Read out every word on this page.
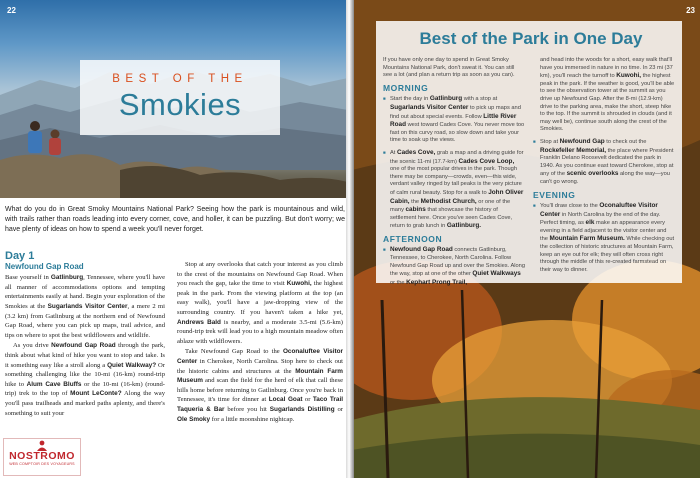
22
BEST OF THE
Smokies
What do you do in Great Smoky Mountains National Park? Seeing how the park is mountainous and wild, with trails rather than roads leading into every corner, cove, and holler, it can be puzzling. But don't worry; we have plenty of ideas on how to spend a week you'll never forget.
Day 1
Newfound Gap Road

Base yourself in Gatlinburg, Tennessee, where you'll have all manner of accommodations options and tempting entertainments easily at hand. Begin your exploration of the Smokies at the Sugarlands Visitor Center, a mere 2 mi (3.2 km) from Gatlinburg at the northern end of Newfound Gap Road, where you can pick up maps, trail advice, and tips on where to spot the best wildflowers and wildlife.

As you drive Newfound Gap Road through the park, think about what kind of hike you want to stop and take. Is it something easy like a stroll along a Quiet Walkway? Or something challenging like the 10-mi (16-km) round-trip hike to Alum Cave Bluffs or the 10-mi (16-km) (round-trip) trek to the top of Mount LeConte? Along the way you'll pass trailheads and marked paths aplenty, and there's something to suit your

Stop at any overlooks that catch your interest as you climb to the crest of the mountains on Newfound Gap Road. When you reach the gap, take the time to visit Kuwohi, the highest peak in the park. From the viewing platform at the top (an easy walk), you'll have a jaw-dropping view of the surrounding country. If you haven't taken a hike yet, Andrews Bald is nearby, and a moderate 3.5-mi (5.6-km) round-trip trek will lead you to a high mountain meadow often ablaze with wildflowers.

Take Newfound Gap Road to the Oconaluftee Visitor Center in Cherokee, North Carolina. Stop here to check out the historic cabins and structures at the Mountain Farm Museum and scan the field for the herd of elk that call these hills home before returning to Gatlinburg. Once you're back in Tennessee, it's time for dinner at Local Goat or Taco Trail Taqueria & Bar before you hit Sugarlands Distilling or Ole Smoky for a little moonshine nightcap.

NOSTROMO
WEB COMPTOIR DES VOYAGEURS
23
Best of the Park in One Day
If you have only one day to spend in Great Smoky Mountains National Park, don't sweat it. You can still see a lot (and plan a return trip as soon as you can).
MORNING
■ Start the day in Gatlinburg with a stop at Sugarlands Visitor Center to pick up maps and find out about special events. Follow Little River Road west toward Cades Cove. You never move too fast on this curvy road, so slow down and take your time to soak up the views.
■ At Cades Cove, grab a map and a driving guide for the scenic 11-mi (17.7-km) Cades Cove Loop, one of the most popular drives in the park. Though there may be company—crowds, even—this wide, verdant valley ringed by tall peaks is the very picture of calm rural beauty. Stop for a walk to John Oliver Cabin, the Methodist Church, or one of the many cabins that showcase the history of settlement here. Once you've seen Cades Cove, return to grab lunch in Gatlinburg.
AFTERNOON
■ Newfound Gap Road connects Gatlinburg, Tennessee, to Cherokee, North Carolina. Follow Newfound Gap Road up and over the Smokies. Along the way, stop at one of the other Quiet Walkways or the Kephart Prong Trail,
and head into the woods for a short, easy walk that'll have you immersed in nature in no time. In 23 mi (37 km), you'll reach the turnoff to Kuwohi, the highest peak in the park. If the weather is good, you'll be able to see the observation tower at the summit as you drive up Newfound Gap. After the 8-mi (12.9-km) drive to the parking area, make the short, steep hike to the top. If the summit is shrouded in clouds (and it may well be), continue south along the crest of the Smokies.
■ Stop at Newfound Gap to check out the Rockefeller Memorial, the place where President Franklin Delano Roosevelt dedicated the park in 1940. As you continue east toward Cherokee, stop at any of the scenic overlooks along the way—you can't go wrong.
EVENING
■ You'll draw close to the Oconaluftee Visitor Center in North Carolina by the end of the day. Perfect timing, as elk make an appearance every evening in a field adjacent to the visitor center and the Mountain Farm Museum. While checking out the collection of historic structures at Mountain Farm, keep an eye out for elk; they will often cross right through the middle of this re-created farmstead on their way to dinner.
